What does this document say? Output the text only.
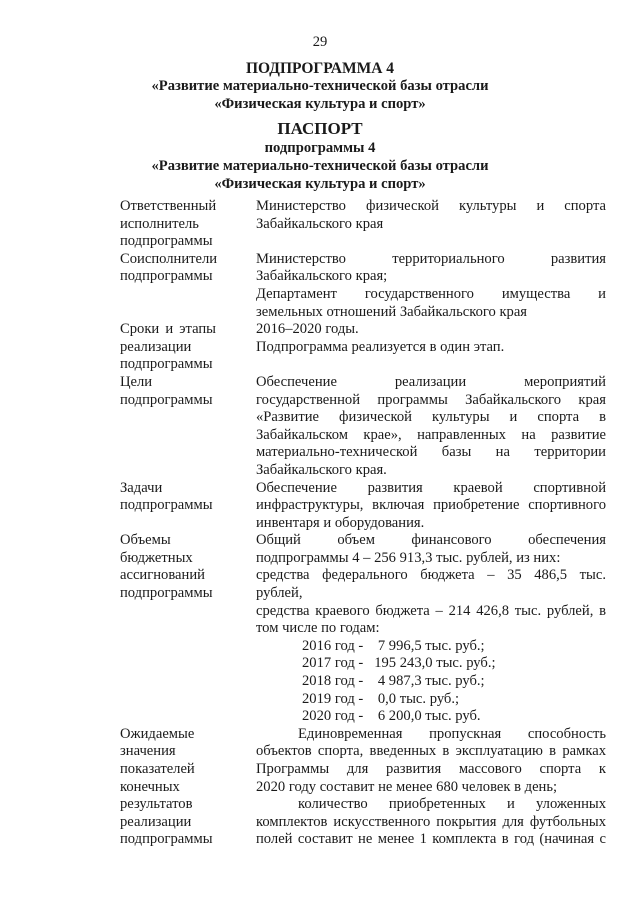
29
ПОДПРОГРАММА 4
«Развитие материально-технической базы отрасли
«Физическая культура и спорт»
ПАСПОРТ
подпрограммы 4
«Развитие материально-технической базы отрасли
«Физическая культура и спорт»
Ответственный
исполнитель
подпрограммы
Министерство физической культуры и спорта
Забайкальского края
Соисполнители
подпрограммы
Министерство территориального развития
Забайкальского края;
Департамент государственного имущества и
земельных отношений Забайкальского края
Сроки и этапы
реализации
подпрограммы
2016–2020 годы.
Подпрограмма реализуется в один этап.
Цели
подпрограммы
Обеспечение реализации мероприятий
государственной программы Забайкальского края
«Развитие физической культуры и спорта в
Забайкальском крае», направленных на развитие
материально-технической базы на территории
Забайкальского края.
Задачи
подпрограммы
Обеспечение развития краевой спортивной
инфраструктуры, включая приобретение спортивного
инвентаря и оборудования.
Объемы
бюджетных
ассигнований
подпрограммы
Общий объем финансового обеспечения
подпрограммы 4 – 256 913,3 тыс. рублей, из них:
средства федерального бюджета – 35 486,5 тыс.
рублей,
средства краевого бюджета – 214 426,8 тыс. рублей, в
том числе по годам:
2016 год -    7 996,5 тыс. руб.;
2017 год -   195 243,0 тыс. руб.;
2018 год -    4 987,3 тыс. руб.;
2019 год -    0,0 тыс. руб.;
2020 год -    6 200,0 тыс. руб.
Ожидаемые
значения
показателей
конечных
результатов
реализации
подпрограммы
Единовременная пропускная способность
объектов спорта, введенных в эксплуатацию в рамках
Программы для развития массового спорта к
2020 году составит не менее 680 человек в день;
количество приобретенных и уложенных
комплектов искусственного покрытия для футбольных
полей составит не менее 1 комплекта в год (начиная с
